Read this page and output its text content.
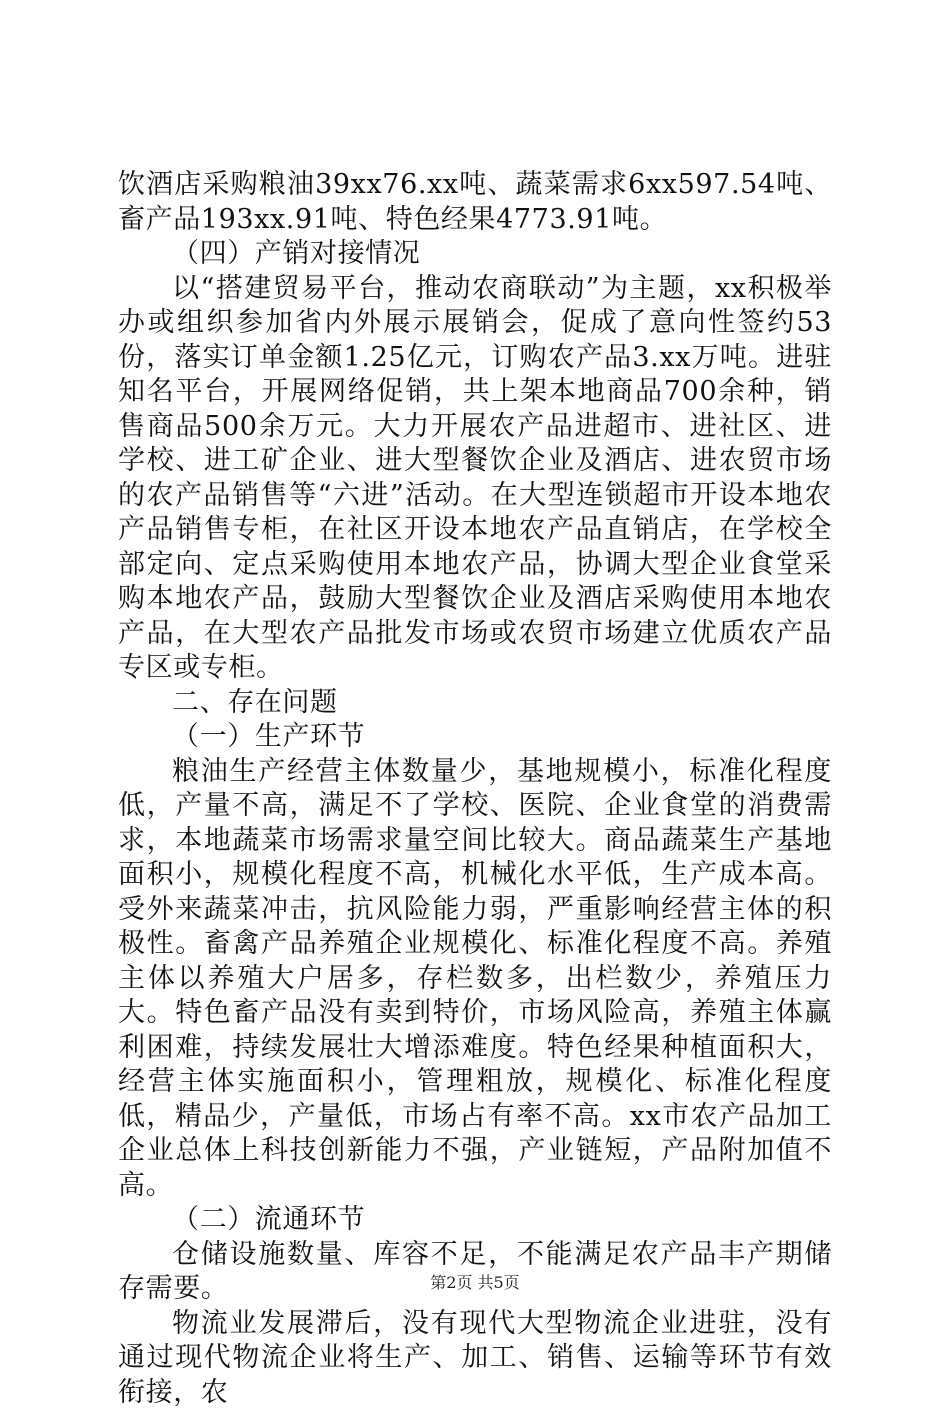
饮酒店采购粮油39xx76.xx吨、蔬菜需求6xx597.54吨、畜产品193xx.91吨、特色经果4773.91吨。

（四）产销对接情况

以“搭建贸易平台，推动农商联动”为主题，xx积极举办或组织参加省内外展示展销会，促成了意向性签约53份，落实订单金额1.25亿元，订购农产品3.xx万吨。进驻知名平台，开展网络促销，共上架本地商品700余种，销售商品500余万元。大力开展农产品进超市、进社区、进学校、进工矿企业、进大型餐饮企业及酒店、进农贸市场的农产品销售等“六进”活动。在大型连锁超市开设本地农产品销售专柜，在社区开设本地农产品直销店，在学校全部定向、定点采购使用本地农产品，协调大型企业食堂采购本地农产品，鼓励大型餐饮企业及酒店采购使用本地农产品，在大型农产品批发市场或农贸市场建立优质农产品专区或专柜。

二、存在问题

（一）生产环节

粮油生产经营主体数量少，基地规模小，标准化程度低，产量不高，满足不了学校、医院、企业食堂的消费需求，本地蔬菜市场需求量空间比较大。商品蔬菜生产基地面积小，规模化程度不高，机械化水平低，生产成本高。受外来蔬菜冲击，抗风险能力弱，严重影响经营主体的积极性。畜禽产品养殖企业规模化、标准化程度不高。养殖主体以养殖大户居多，存栏数多，出栏数少，养殖压力大。特色畜产品没有卖到特价，市场风险高，养殖主体赢利困难，持续发展壮大增添难度。特色经果种植面积大，经营主体实施面积小，管理粗放，规模化、标准化程度低，精品少，产量低，市场占有率不高。xx市农产品加工企业总体上科技创新能力不强，产业链短，产品附加值不高。

（二）流通环节

仓储设施数量、库容不足，不能满足农产品丰产期储存需要。

物流业发展滞后，没有现代大型物流企业进驻，没有通过现代物流企业将生产、加工、销售、运输等环节有效衔接，农

第2页 共5页
